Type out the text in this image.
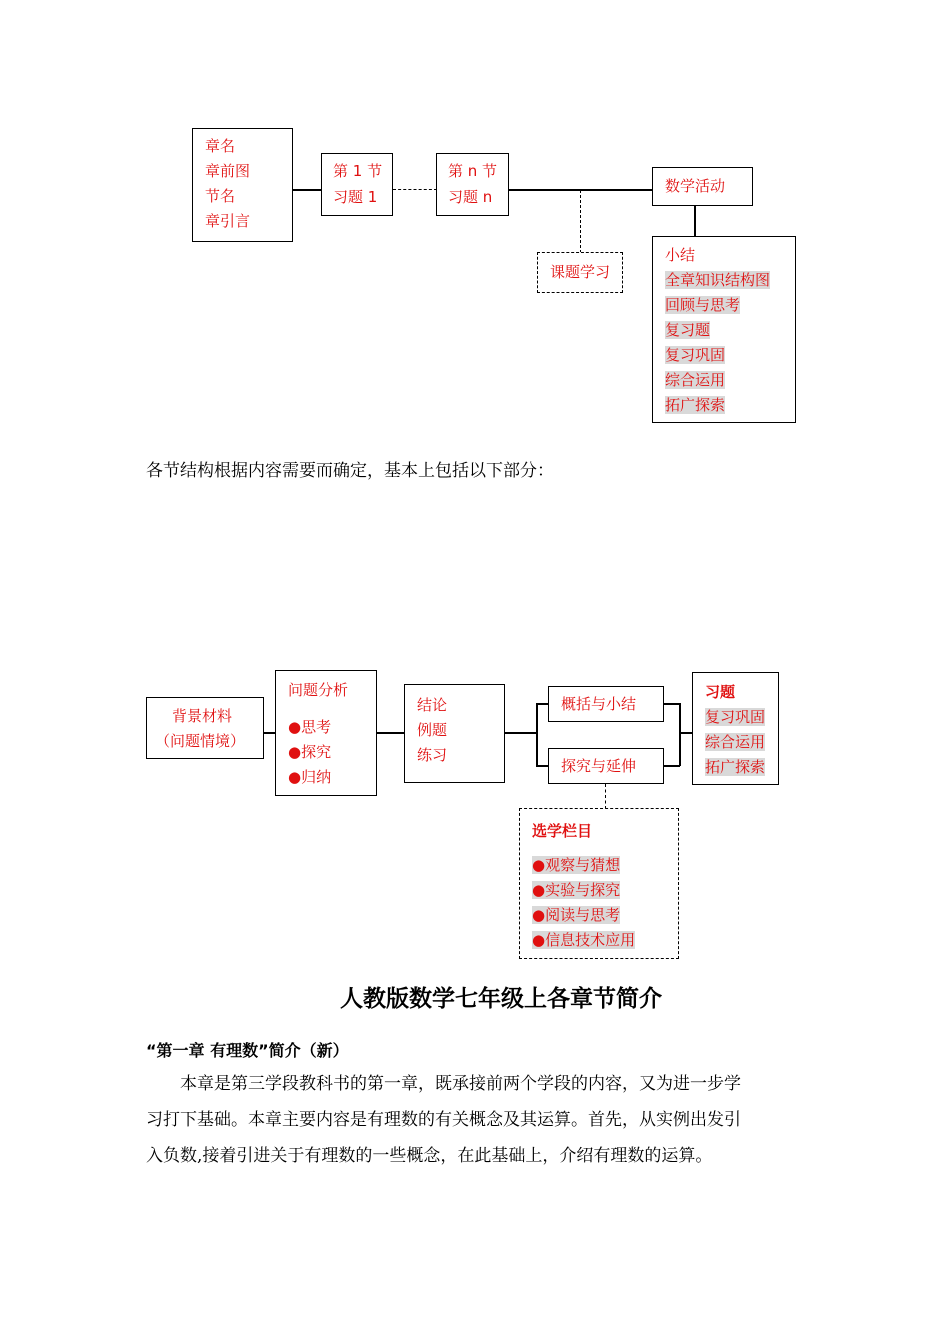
章名
章前图
节名
章引言
第 1 节
习题 1
第 n 节
习题 n
课题学习
数学活动
小结
全章知识结构图
回顾与思考
复习题
复习巩固
综合运用
拓广探索
各节结构根据内容需要而确定，基本上包括以下部分：
背景材料
（问题情境）
问题分析
●思考
●探究
●归纳
结论
例题
练习
概括与小结
探究与延伸
习题
复习巩固
综合运用
拓广探索
选学栏目
●观察与猜想
●实验与探究
●阅读与思考
●信息技术应用
人教版数学七年级上各章节简介
“第一章 有理数”简介（新）
本章是第三学段教科书的第一章，既承接前两个学段的内容，又为进一步学
习打下基础。本章主要内容是有理数的有关概念及其运算。首先，从实例出发引
入负数,接着引进关于有理数的一些概念，在此基础上，介绍有理数的运算。
